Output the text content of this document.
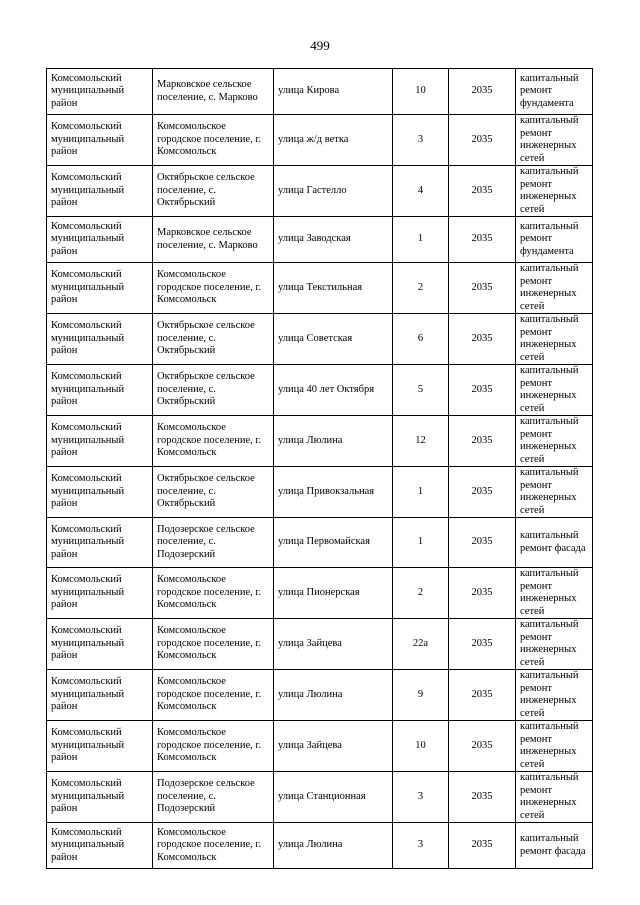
499
Комсомольский муниципальный район	Марковское сельское поселение, с. Марково	улица Кирова	10	2035	капитальный ремонт фундамента
Комсомольский муниципальный район	Комсомольское городское поселение, г. Комсомольск	улица ж/д ветка	3	2035	капитальный ремонт инженерных сетей
Комсомольский муниципальный район	Октябрьское сельское поселение, с. Октябрьский	улица Гастелло	4	2035	капитальный ремонт инженерных сетей
Комсомольский муниципальный район	Марковское сельское поселение, с. Марково	улица Заводская	1	2035	капитальный ремонт фундамента
Комсомольский муниципальный район	Комсомольское городское поселение, г. Комсомольск	улица Текстильная	2	2035	капитальный ремонт инженерных сетей
Комсомольский муниципальный район	Октябрьское сельское поселение, с. Октябрьский	улица Советская	6	2035	капитальный ремонт инженерных сетей
Комсомольский муниципальный район	Октябрьское сельское поселение, с. Октябрьский	улица 40 лет Октября	5	2035	капитальный ремонт инженерных сетей
Комсомольский муниципальный район	Комсомольское городское поселение, г. Комсомольск	улица Люлина	12	2035	капитальный ремонт инженерных сетей
Комсомольский муниципальный район	Октябрьское сельское поселение, с. Октябрьский	улица Привокзальная	1	2035	капитальный ремонт инженерных сетей
Комсомольский муниципальный район	Подозерское сельское поселение, с. Подозерский	улица Первомайская	1	2035	капитальный ремонт фасада
Комсомольский муниципальный район	Комсомольское городское поселение, г. Комсомольск	улица Пионерская	2	2035	капитальный ремонт инженерных сетей
Комсомольский муниципальный район	Комсомольское городское поселение, г. Комсомольск	улица Зайцева	22а	2035	капитальный ремонт инженерных сетей
Комсомольский муниципальный район	Комсомольское городское поселение, г. Комсомольск	улица Люлина	9	2035	капитальный ремонт инженерных сетей
Комсомольский муниципальный район	Комсомольское городское поселение, г. Комсомольск	улица Зайцева	10	2035	капитальный ремонт инженерных сетей
Комсомольский муниципальный район	Подозерское сельское поселение, с. Подозерский	улица Станционная	3	2035	капитальный ремонт инженерных сетей
Комсомольский муниципальный район	Комсомольское городское поселение, г. Комсомольск	улица Люлина	3	2035	капитальный ремонт фасада
